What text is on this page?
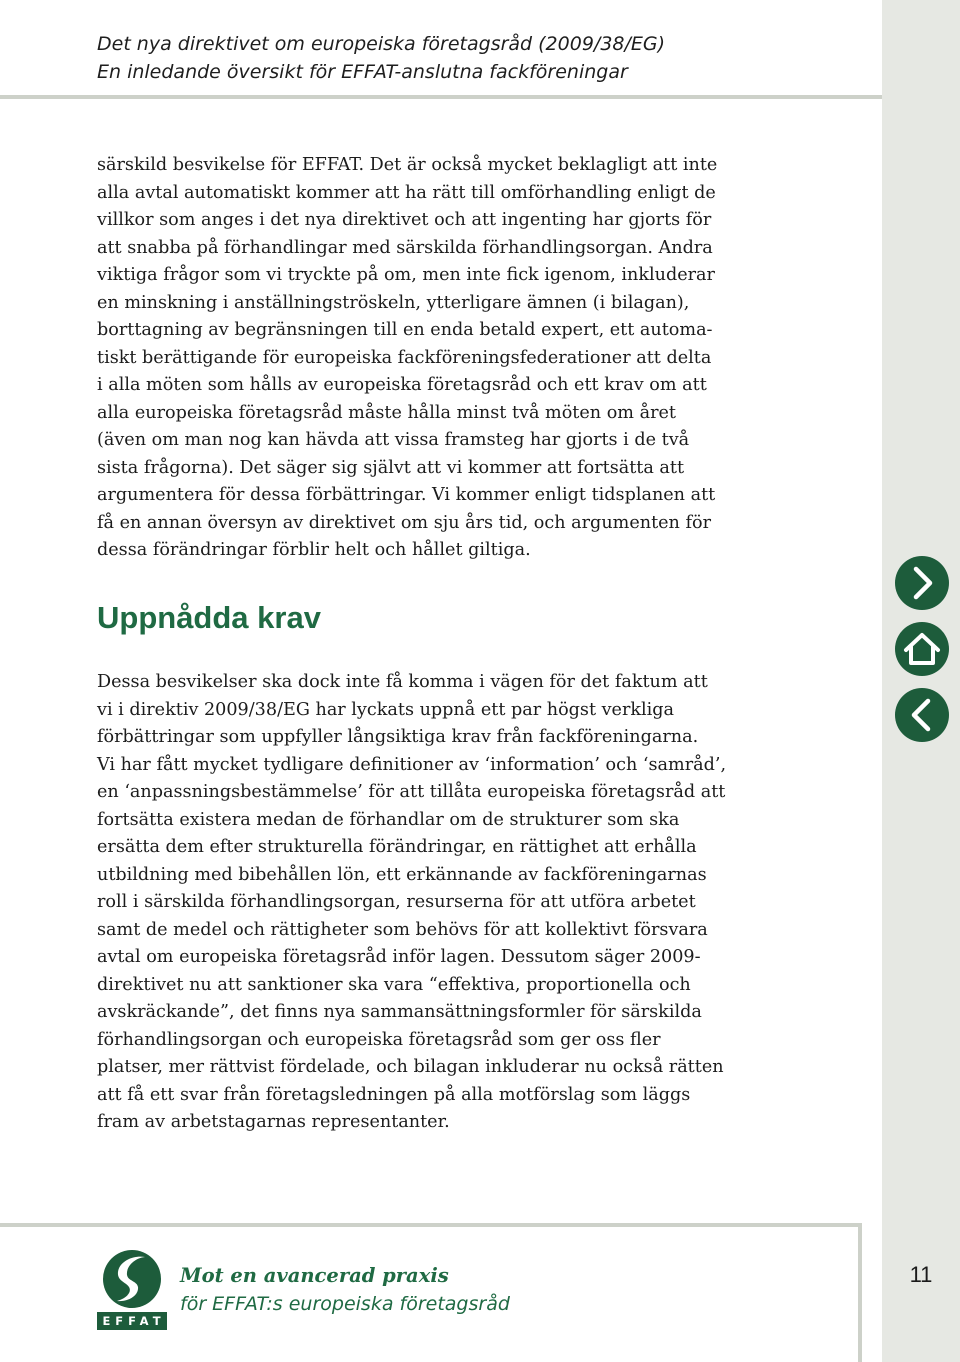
Det nya direktivet om europeiska företagsråd (2009/38/EG)
En inledande översikt för EFFAT-anslutna fackföreningar
särskild besvikelse för EFFAT. Det är också mycket beklagligt att inte
alla avtal automatiskt kommer att ha rätt till omförhandling enligt de
villkor som anges i det nya direktivet och att ingenting har gjorts för
att snabba på förhandlingar med särskilda förhandlingsorgan. Andra
viktiga frågor som vi tryckte på om, men inte fick igenom, inkluderar
en minskning i anställningströskeln, ytterligare ämnen (i bilagan),
borttagning av begränsningen till en enda betald expert, ett automa-
tiskt berättigande för europeiska fackföreningsfederationer att delta
i alla möten som hålls av europeiska företagsråd och ett krav om att
alla europeiska företagsråd måste hålla minst två möten om året
(även om man nog kan hävda att vissa framsteg har gjorts i de två
sista frågorna). Det säger sig självt att vi kommer att fortsätta att
argumentera för dessa förbättringar. Vi kommer enligt tidsplanen att
få en annan översyn av direktivet om sju års tid, och argumenten för
dessa förändringar förblir helt och hållet giltiga.
Uppnådda krav
Dessa besvikelser ska dock inte få komma i vägen för det faktum att
vi i direktiv 2009/38/EG har lyckats uppnå ett par högst verkliga
förbättringar som uppfyller långsiktiga krav från fackföreningarna.
Vi har fått mycket tydligare definitioner av ‘information’ och ‘samråd’,
en ‘anpassningsbestämmelse’ för att tillåta europeiska företagsråd att
fortsätta existera medan de förhandlar om de strukturer som ska
ersätta dem efter strukturella förändringar, en rättighet att erhålla
utbildning med bibehållen lön, ett erkännande av fackföreningarnas
roll i särskilda förhandlingsorgan, resurserna för att utföra arbetet
samt de medel och rättigheter som behövs för att kollektivt försvara
avtal om europeiska företagsråd inför lagen. Dessutom säger 2009-
direktivet nu att sanktioner ska vara “effektiva, proportionella och
avskräckande”, det finns nya sammansättningsformler för särskilda
förhandlingsorgan och europeiska företagsråd som ger oss fler
platser, mer rättvist fördelade, och bilagan inkluderar nu också rätten
att få ett svar från företagsledningen på alla motförslag som läggs
fram av arbetstagarnas representanter.
EFFAT
Mot en avancerad praxis
för EFFAT:s europeiska företagsråd
11
